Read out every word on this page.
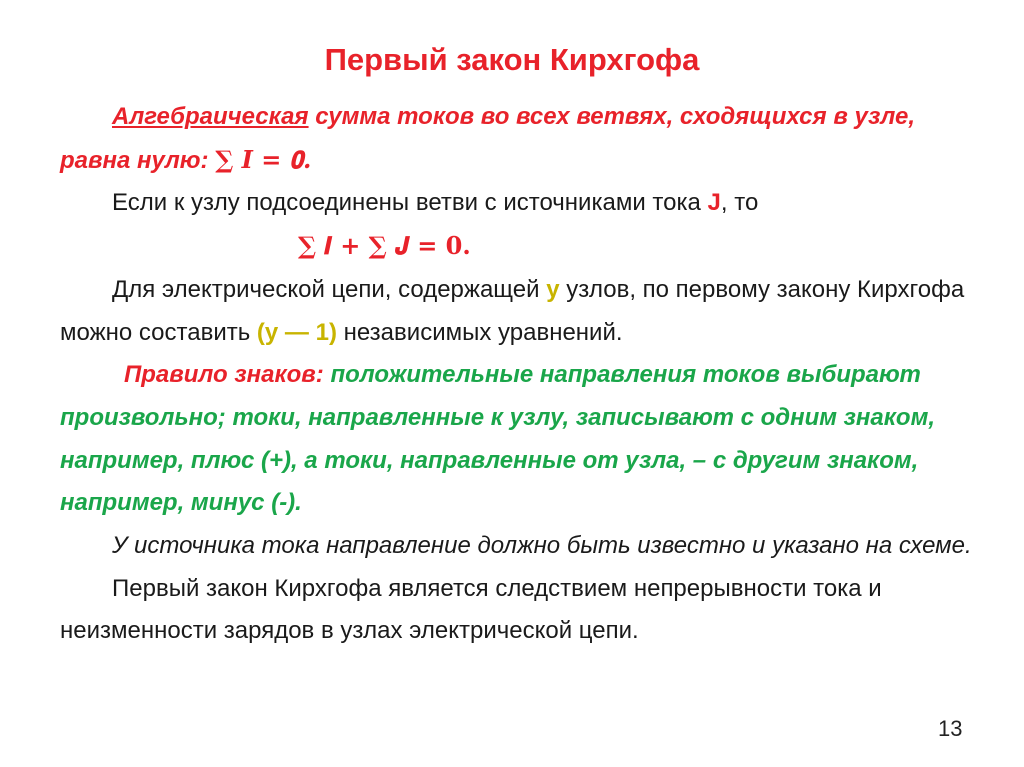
Первый закон Кирхгофа

Алгебраическая сумма токов во всех ветвях, сходящихся в узле, равна нулю: ∑ 𝑰 = 𝟎.

Если к узлу подсоединены ветви с источниками тока J, то

∑ 𝑰 + ∑ 𝑱 = 𝟎.

Для электрической цепи, содержащей y узлов, по первому закону Кирхгофа можно составить (y — 1) независимых уравнений.

Правило знаков: положительные направления токов выбирают произвольно; токи, направленные к узлу, записывают с одним знаком, например, плюс (+), а токи, направленные от узла, – с другим знаком, например, минус (-).

У источника тока направление должно быть известно и указано на схеме.

Первый закон Кирхгофа является следствием непрерывности тока и неизменности зарядов в узлах электрической цепи.

13
